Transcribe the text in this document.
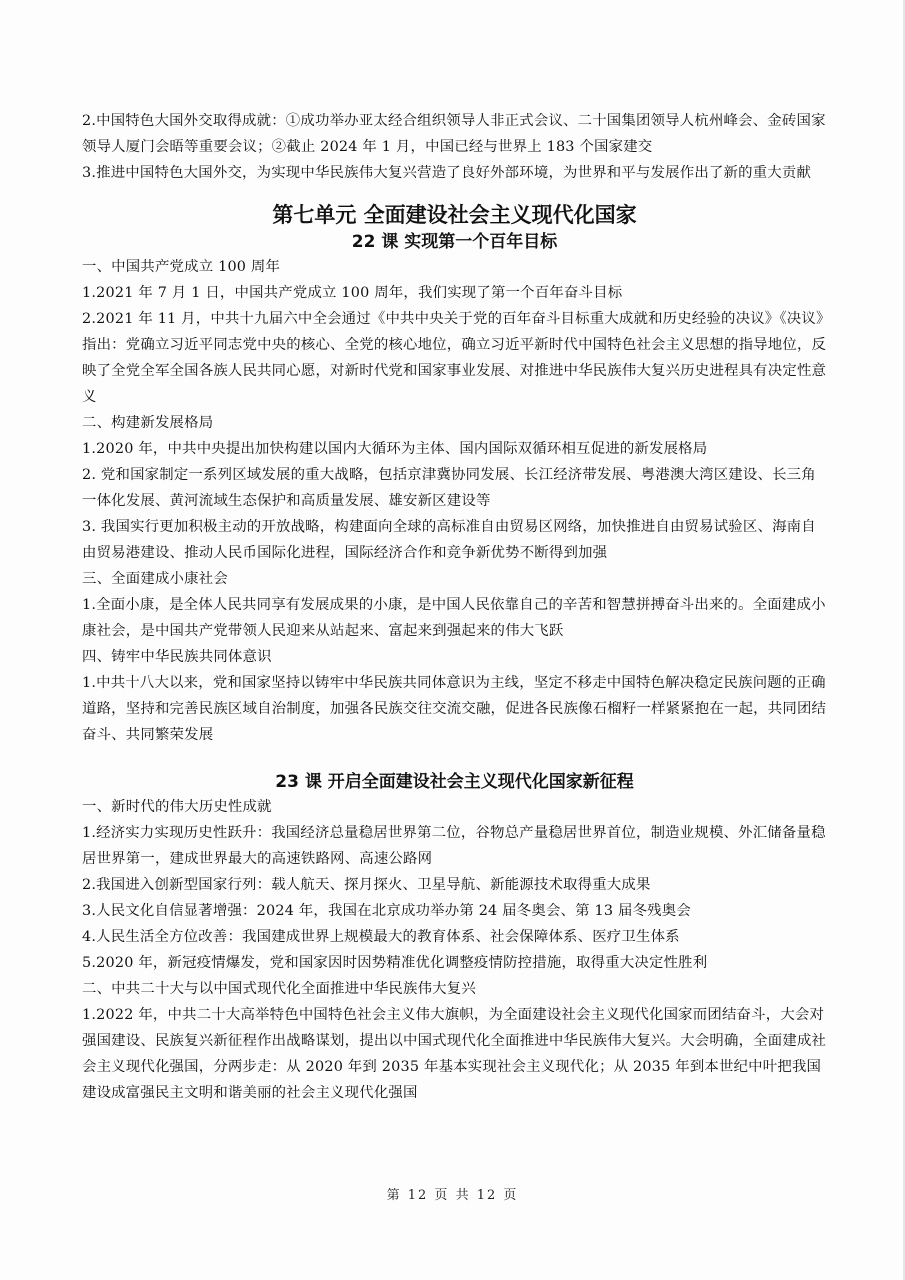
2.中国特色大国外交取得成就：①成功举办亚太经合组织领导人非正式会议、二十国集团领导人杭州峰会、金砖国家领导人厦门会晤等重要会议；②截止 2024 年 1 月，中国已经与世界上 183 个国家建交

3.推进中国特色大国外交，为实现中华民族伟大复兴营造了良好外部环境，为世界和平与发展作出了新的重大贡献

第七单元 全面建设社会主义现代化国家
22 课 实现第一个百年目标

一、中国共产党成立 100 周年

1.2021 年 7 月 1 日，中国共产党成立 100 周年，我们实现了第一个百年奋斗目标

2.2021 年 11 月，中共十九届六中全会通过《中共中央关于党的百年奋斗目标重大成就和历史经验的决议》《决议》指出：党确立习近平同志党中央的核心、全党的核心地位，确立习近平新时代中国特色社会主义思想的指导地位，反映了全党全军全国各族人民共同心愿，对新时代党和国家事业发展、对推进中华民族伟大复兴历史进程具有决定性意义

二、构建新发展格局

1.2020 年，中共中央提出加快构建以国内大循环为主体、国内国际双循环相互促进的新发展格局

2. 党和国家制定一系列区域发展的重大战略，包括京津冀协同发展、长江经济带发展、粤港澳大湾区建设、长三角一体化发展、黄河流域生态保护和高质量发展、雄安新区建设等

3. 我国实行更加积极主动的开放战略，构建面向全球的高标准自由贸易区网络，加快推进自由贸易试验区、海南自由贸易港建设、推动人民币国际化进程，国际经济合作和竞争新优势不断得到加强

三、全面建成小康社会

1.全面小康，是全体人民共同享有发展成果的小康，是中国人民依靠自己的辛苦和智慧拼搏奋斗出来的。全面建成小康社会，是中国共产党带领人民迎来从站起来、富起来到强起来的伟大飞跃

四、铸牢中华民族共同体意识

1.中共十八大以来，党和国家坚持以铸牢中华民族共同体意识为主线，坚定不移走中国特色解决稳定民族问题的正确道路，坚持和完善民族区域自治制度，加强各民族交往交流交融，促进各民族像石榴籽一样紧紧抱在一起，共同团结奋斗、共同繁荣发展

23 课 开启全面建设社会主义现代化国家新征程

一、新时代的伟大历史性成就

1.经济实力实现历史性跃升：我国经济总量稳居世界第二位，谷物总产量稳居世界首位，制造业规模、外汇储备量稳居世界第一，建成世界最大的高速铁路网、高速公路网

2.我国进入创新型国家行列：载人航天、探月探火、卫星导航、新能源技术取得重大成果

3.人民文化自信显著增强：2024 年，我国在北京成功举办第 24 届冬奥会、第 13 届冬残奥会

4.人民生活全方位改善：我国建成世界上规模最大的教育体系、社会保障体系、医疗卫生体系

5.2020 年，新冠疫情爆发，党和国家因时因势精准优化调整疫情防控措施，取得重大决定性胜利

二、中共二十大与以中国式现代化全面推进中华民族伟大复兴

1.2022 年，中共二十大高举特色中国特色社会主义伟大旗帜，为全面建设社会主义现代化国家而团结奋斗，大会对强国建设、民族复兴新征程作出战略谋划，提出以中国式现代化全面推进中华民族伟大复兴。大会明确，全面建成社会主义现代化强国，分两步走：从 2020 年到 2035 年基本实现社会主义现代化；从 2035 年到本世纪中叶把我国建设成富强民主文明和谐美丽的社会主义现代化强国

第 12 页 共 12 页
